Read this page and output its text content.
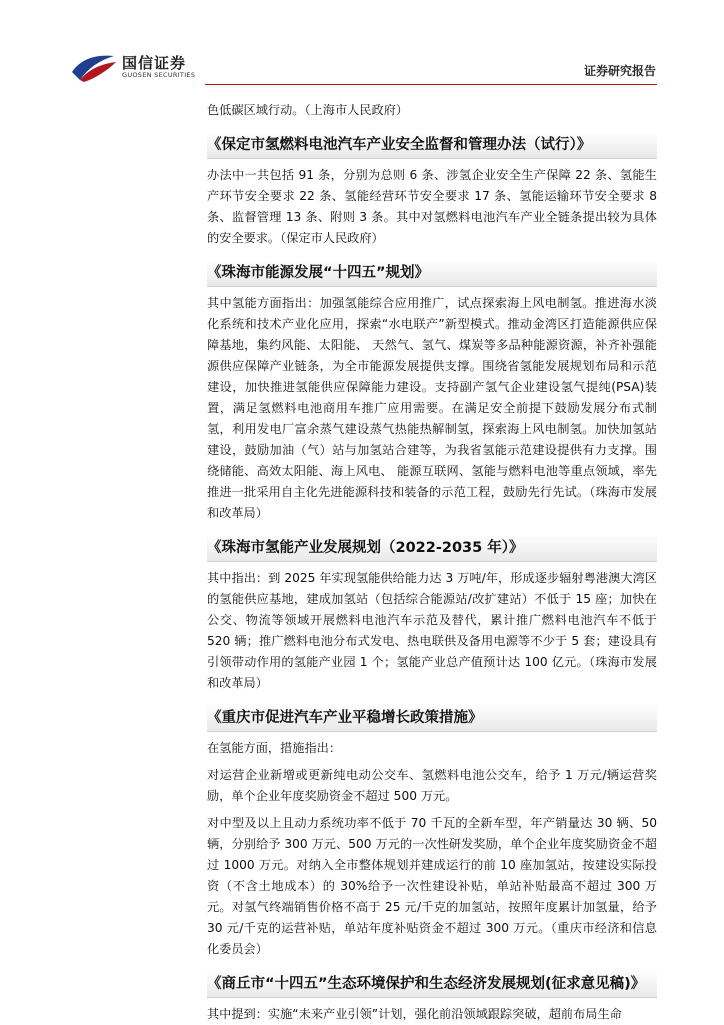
国信证券
GUOSEN SECURITIES	证券研究报告

色低碳区域行动。（上海市人民政府）

《保定市氢燃料电池汽车产业安全监督和管理办法（试行）》

办法中一共包括 91 条，分别为总则 6 条、涉氢企业安全生产保障 22 条、氢能生产环节安全要求 22 条、氢能经营环节安全要求 17 条、氢能运输环节安全要求 8 条、监督管理 13 条、附则 3 条。其中对氢燃料电池汽车产业全链条提出较为具体的安全要求。（保定市人民政府）

《珠海市能源发展“十四五”规划》

其中氢能方面指出：加强氢能综合应用推广，试点探索海上风电制氢。推进海水淡化系统和技术产业化应用，探索“水电联产”新型模式。推动金湾区打造能源供应保障基地，集约风能、太阳能、 天然气、氢气、煤炭等多品种能源资源，补齐补强能源供应保障产业链条，为全市能源发展提供支撑。围绕省氢能发展规划布局和示范建设，加快推进氢能供应保障能力建设。支持副产氢气企业建设氢气提纯(PSA)装置，满足氢燃料电池商用车推广应用需要。在满足安全前提下鼓励发展分布式制氢，利用发电厂富余蒸气建设蒸气热能热解制氢，探索海上风电制氢。加快加氢站建设，鼓励加油（气）站与加氢站合建等，为我省氢能示范建设提供有力支撑。围绕储能、高效太阳能、海上风电、 能源互联网、氢能与燃料电池等重点领域，率先推进一批采用自主化先进能源科技和装备的示范工程，鼓励先行先试。（珠海市发展和改革局）

《珠海市氢能产业发展规划（2022-2035 年）》

其中指出：到 2025 年实现氢能供给能力达 3 万吨/年，形成逐步辐射粤港澳大湾区的氢能供应基地，建成加氢站（包括综合能源站/改扩建站）不低于 15 座；加快在公交、物流等领域开展燃料电池汽车示范及替代，累计推广燃料电池汽车不低于 520 辆；推广燃料电池分布式发电、热电联供及备用电源等不少于 5 套；建设具有引领带动作用的氢能产业园 1 个；氢能产业总产值预计达 100 亿元。（珠海市发展和改革局）

《重庆市促进汽车产业平稳增长政策措施》

在氢能方面，措施指出：

对运营企业新增或更新纯电动公交车、氢燃料电池公交车，给予 1 万元/辆运营奖励，单个企业年度奖励资金不超过 500 万元。

对中型及以上且动力系统功率不低于 70 千瓦的全新车型，年产销量达 30 辆、50 辆，分别给予 300 万元、500 万元的一次性研发奖励，单个企业年度奖励资金不超过 1000 万元。对纳入全市整体规划并建成运行的前 10 座加氢站，按建设实际投资（不含土地成本）的 30%给予一次性建设补贴，单站补贴最高不超过 300 万元。对氢气终端销售价格不高于 25 元/千克的加氢站，按照年度累计加氢量，给予 30 元/千克的运营补贴，单站年度补贴资金不超过 300 万元。（重庆市经济和信息化委员会）

《商丘市“十四五”生态环境保护和生态经济发展规划(征求意见稿)》

其中提到：实施“未来产业引领”计划，强化前沿领域跟踪突破，超前布局生命
